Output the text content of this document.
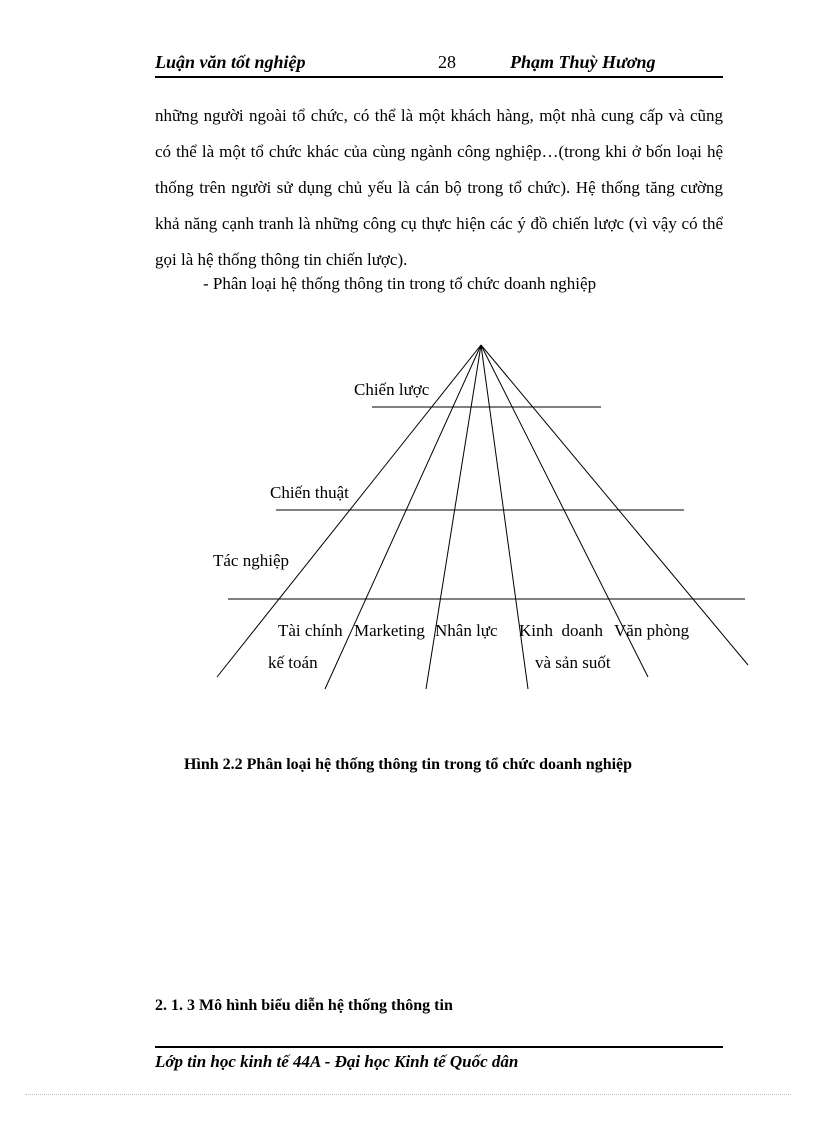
Luận văn tốt nghiệp	28	Phạm Thuỳ Hương

những người ngoài tổ chức, có thể là một khách hàng, một nhà cung cấp và cũng có thể là một tổ chức khác của cùng ngành công nghiệp…(trong khi ở bốn loại hệ thống trên người sử dụng chủ yếu là cán bộ trong tổ chức). Hệ thống tăng cường khả năng cạnh tranh là những công cụ thực hiện các ý đồ chiến lược (vì vậy có thể gọi là hệ thống thông tin chiến lược).

- Phân loại hệ thống thông tin trong tổ chức doanh nghiệp
Chiến lược
Chiến thuật
Tác nghiệp
Tài chính Marketing Nhân lực Kinh  doanh Văn phòng
kế toán	và sản suốt
Hình 2.2 Phân loại hệ thống thông tin trong tổ chức doanh nghiệp
2. 1. 3 Mô hình biểu diễn hệ thống thông tin
Lớp tin học kinh tế 44A - Đại học Kinh tế Quốc dân
